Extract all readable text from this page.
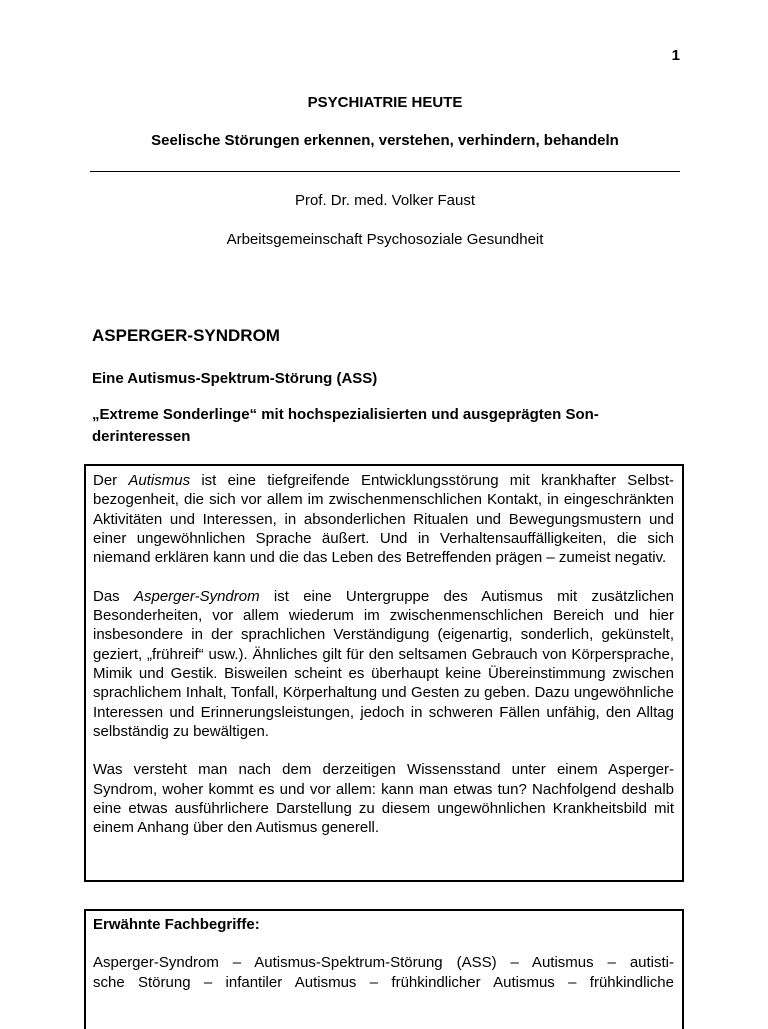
1
PSYCHIATRIE HEUTE
Seelische Störungen erkennen, verstehen, verhindern, behandeln
Prof. Dr. med. Volker Faust
Arbeitsgemeinschaft Psychosoziale Gesundheit
ASPERGER-SYNDROM
Eine Autismus-Spektrum-Störung (ASS)
„Extreme Sonderlinge“ mit hochspezialisierten und ausgeprägten Son-
derinteressen

Der Autismus ist eine tiefgreifende Entwicklungsstörung mit krankhafter Selbstbezogenheit, die sich vor allem im zwischenmenschlichen Kontakt, in eingeschränkten Aktivitäten und Interessen, in absonderlichen Ritualen und Bewegungsmustern und einer ungewöhnlichen Sprache äußert. Und in Verhaltensauffälligkeiten, die sich niemand erklären kann und die das Leben des Betreffenden prägen – zumeist negativ.

Das Asperger-Syndrom ist eine Untergruppe des Autismus mit zusätzlichen Besonderheiten, vor allem wiederum im zwischenmenschlichen Bereich und hier insbesondere in der sprachlichen Verständigung (eigenartig, sonderlich, gekünstelt, geziert, „frühreif“ usw.). Ähnliches gilt für den seltsamen Gebrauch von Körpersprache, Mimik und Gestik. Bisweilen scheint es überhaupt keine Übereinstimmung zwischen sprachlichem Inhalt, Tonfall, Körperhaltung und Gesten zu geben. Dazu ungewöhnliche Interessen und Erinnerungsleistungen, jedoch in schweren Fällen unfähig, den Alltag selbständig zu bewältigen.

Was versteht man nach dem derzeitigen Wissensstand unter einem Asperger-Syndrom, woher kommt es und vor allem: kann man etwas tun? Nachfolgend deshalb eine etwas ausführlichere Darstellung zu diesem ungewöhnlichen Krankheitsbild mit einem Anhang über den Autismus generell.

Erwähnte Fachbegriffe:

Asperger-Syndrom – Autismus-Spektrum-Störung (ASS) – Autismus – autisti-
sche Störung – infantiler Autismus – frühkindlicher Autismus – frühkindliche
